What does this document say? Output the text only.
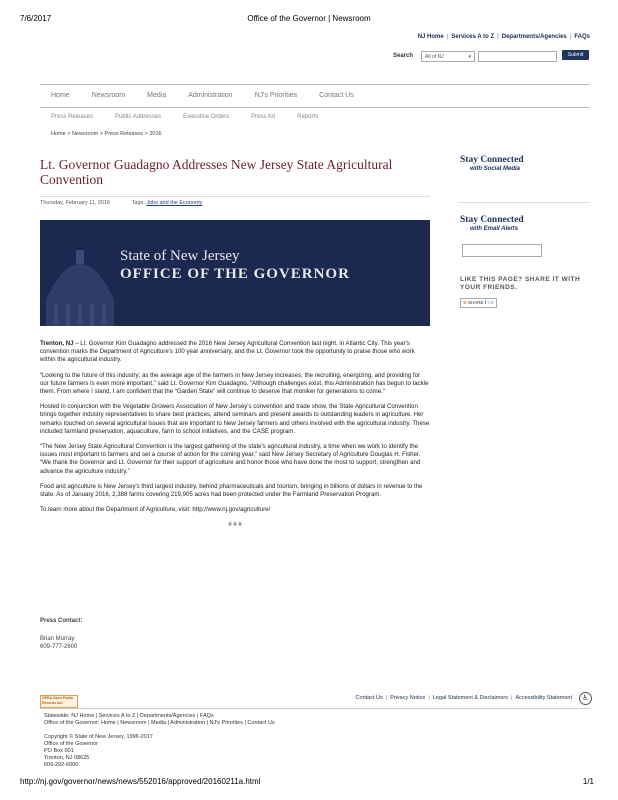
7/6/2017	Office of the Governor | Newsroom
NJ Home | Services A to Z | Departments/Agencies | FAQs
Search	All of NJ	▾	Submit
Home	Newsroom	Media	Administration	NJ's Priorities	Contact Us
Press Releases	Public Addresses	Executive Orders	Press Kit	Reports
Home > Newsroom > Press Releases > 2016
Lt. Governor Guadagno Addresses New Jersey State Agricultural Convention
Thursday, February 11, 2016	Tags: Jobs and the Economy
State of New Jersey
OFFICE OF THE GOVERNOR

Trenton, NJ – Lt. Governor Kim Guadagno addressed the 2016 New Jersey Agricultural Convention last night, in Atlantic City. This year's convention marks the Department of Agriculture's 100 year anniversary, and the Lt. Governor took the opportunity to praise those who work within the agricultural industry.

“Looking to the future of this industry; as the average age of the farmers in New Jersey increases, the recruiting, energizing, and providing for our future farmers is even more important,” said Lt. Governor Kim Guadagno. “Although challenges exist, this Administration has begun to tackle them. From where I stand, I am confident that the “Garden State” will continue to deserve that moniker for generations to come.”

Hosted in conjunction with the Vegetable Growers Association of New Jersey's convention and trade show, the State Agricultural Convention brings together industry representatives to share best practices, attend seminars and present awards to outstanding leaders in agriculture. Her remarks touched on several agricultural issues that are important to New Jersey farmers and others involved with the agricultural industry. These included farmland preservation, aquaculture, farm to school initiatives, and the CASE program.

“The New Jersey State Agricultural Convention is the largest gathering of the state's agricultural industry, a time when we work to identify the issues most important to farmers and set a course of action for the coming year,” said New Jersey Secretary of Agriculture Douglas H. Fisher. “We thank the Governor and Lt. Governor for their support of agriculture and honor those who have done the most to support, strengthen and advance the agriculture industry.”

Food and agriculture is New Jersey's third largest industry, behind pharmaceuticals and tourism, bringing in billions of dollars in revenue to the state. As of January 2016, 2,388 farms covering 219,905 acres had been protected under the Farmland Preservation Program.

To learn more about the Department of Agriculture, visit: http://www.nj.gov/agriculture/

# # #

Press Contact:
Brian Murray
609-777-2600
Stay Connected
with Social Media
Stay Connected
with Email Alerts
LIKE THIS PAGE? SHARE IT WITH YOUR FRIENDS.
⊕ SHARE f t ✉
OPRA Open Public Records Act
Contact Us | Privacy Notice | Legal Statement & Disclaimers | Accessibility Statement	♿
Statewide: NJ Home | Services A to Z | Departments/Agencies | FAQs
Office of the Governor: Home | Newsroom | Media | Administration | NJ's Priorities | Contact Us
Copyright © State of New Jersey, 1996-2017
Office of the Governor
PO Box 001
Trenton, NJ 08625
609-292-6000
http://nj.gov/governor/news/news/552016/approved/20160211a.html	1/1
